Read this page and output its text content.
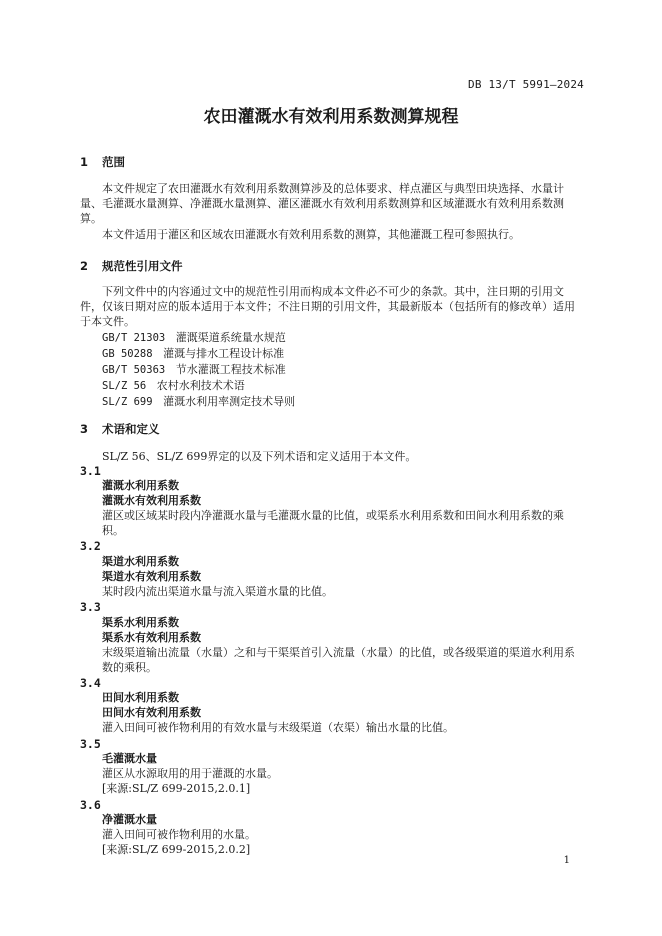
DB 13/T 5991—2024
农田灌溉水有效利用系数测算规程
1 范围

本文件规定了农田灌溉水有效利用系数测算涉及的总体要求、样点灌区与典型田块选择、水量计量、毛灌溉水量测算、净灌溉水量测算、灌区灌溉水有效利用系数测算和区域灌溉水有效利用系数测算。

本文件适用于灌区和区域农田灌溉水有效利用系数的测算，其他灌溉工程可参照执行。

2 规范性引用文件

下列文件中的内容通过文中的规范性引用而构成本文件必不可少的条款。其中，注日期的引用文件，仅该日期对应的版本适用于本文件；不注日期的引用文件，其最新版本（包括所有的修改单）适用于本文件。

GB/T 21303 灌溉渠道系统量水规范
GB 50288 灌溉与排水工程设计标准
GB/T 50363 节水灌溉工程技术标准
SL/Z 56 农村水利技术术语
SL/Z 699 灌溉水利用率测定技术导则
3 术语和定义
SL/Z 56、SL/Z 699界定的以及下列术语和定义适用于本文件。
3.1
灌溉水利用系数
灌溉水有效利用系数
灌区或区域某时段内净灌溉水量与毛灌溉水量的比值，或渠系水利用系数和田间水利用系数的乘积。
3.2
渠道水利用系数
渠道水有效利用系数
某时段内流出渠道水量与流入渠道水量的比值。
3.3
渠系水利用系数
渠系水有效利用系数
末级渠道输出流量（水量）之和与干渠渠首引入流量（水量）的比值，或各级渠道的渠道水利用系数的乘积。
3.4
田间水利用系数
田间水有效利用系数
灌入田间可被作物利用的有效水量与末级渠道（农渠）输出水量的比值。
3.5
毛灌溉水量
灌区从水源取用的用于灌溉的水量。
[来源:SL/Z 699-2015,2.0.1]
3.6
净灌溉水量
灌入田间可被作物利用的水量。
[来源:SL/Z 699-2015,2.0.2]
1
